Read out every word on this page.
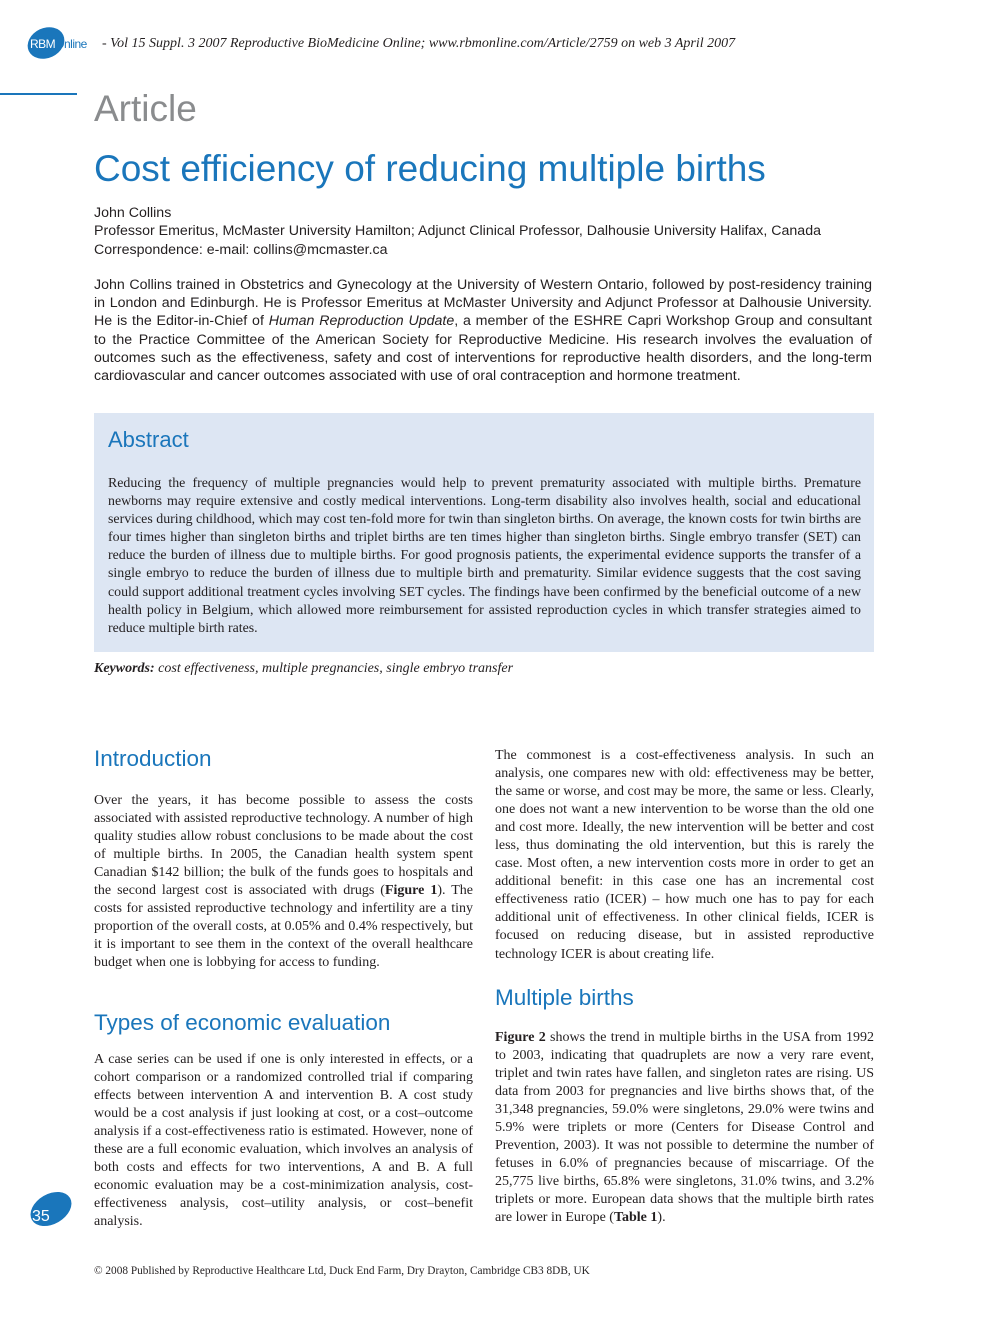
RBMOnline - Vol 15 Suppl. 3 2007 Reproductive BioMedicine Online; www.rbmonline.com/Article/2759 on web 3 April 2007
Article
Cost efficiency of reducing multiple births
John Collins
Professor Emeritus, McMaster University Hamilton; Adjunct Clinical Professor, Dalhousie University Halifax, Canada
Correspondence: e-mail: collins@mcmaster.ca
John Collins trained in Obstetrics and Gynecology at the University of Western Ontario, followed by post-residency training in London and Edinburgh. He is Professor Emeritus at McMaster University and Adjunct Professor at Dalhousie University. He is the Editor-in-Chief of Human Reproduction Update, a member of the ESHRE Capri Workshop Group and consultant to the Practice Committee of the American Society for Reproductive Medicine. His research involves the evaluation of outcomes such as the effectiveness, safety and cost of interventions for reproductive health disorders, and the long-term cardiovascular and cancer outcomes associated with use of oral contraception and hormone treatment.
Abstract
Reducing the frequency of multiple pregnancies would help to prevent prematurity associated with multiple births. Premature newborns may require extensive and costly medical interventions. Long-term disability also involves health, social and educational services during childhood, which may cost ten-fold more for twin than singleton births. On average, the known costs for twin births are four times higher than singleton births and triplet births are ten times higher than singleton births. Single embryo transfer (SET) can reduce the burden of illness due to multiple births. For good prognosis patients, the experimental evidence supports the transfer of a single embryo to reduce the burden of illness due to multiple birth and prematurity. Similar evidence suggests that the cost saving could support additional treatment cycles involving SET cycles. The findings have been confirmed by the beneficial outcome of a new health policy in Belgium, which allowed more reimbursement for assisted reproduction cycles in which transfer strategies aimed to reduce multiple birth rates.
Keywords: cost effectiveness, multiple pregnancies, single embryo transfer
Introduction
Over the years, it has become possible to assess the costs associated with assisted reproductive technology. A number of high quality studies allow robust conclusions to be made about the cost of multiple births. In 2005, the Canadian health system spent Canadian $142 billion; the bulk of the funds goes to hospitals and the second largest cost is associated with drugs (Figure 1). The costs for assisted reproductive technology and infertility are a tiny proportion of the overall costs, at 0.05% and 0.4% respectively, but it is important to see them in the context of the overall healthcare budget when one is lobbying for access to funding.
Types of economic evaluation
A case series can be used if one is only interested in effects, or a cohort comparison or a randomized controlled trial if comparing effects between intervention A and intervention B. A cost study would be a cost analysis if just looking at cost, or a cost–outcome analysis if a cost-effectiveness ratio is estimated. However, none of these are a full economic evaluation, which involves an analysis of both costs and effects for two interventions, A and B. A full economic evaluation may be a cost-minimization analysis, cost-effectiveness analysis, cost–utility analysis, or cost–benefit analysis.
The commonest is a cost-effectiveness analysis. In such an analysis, one compares new with old: effectiveness may be better, the same or worse, and cost may be more, the same or less. Clearly, one does not want a new intervention to be worse than the old one and cost more. Ideally, the new intervention will be better and cost less, thus dominating the old intervention, but this is rarely the case. Most often, a new intervention costs more in order to get an additional benefit: in this case one has an incremental cost effectiveness ratio (ICER) – how much one has to pay for each additional unit of effectiveness. In other clinical fields, ICER is focused on reducing disease, but in assisted reproductive technology ICER is about creating life.
Multiple births
Figure 2 shows the trend in multiple births in the USA from 1992 to 2003, indicating that quadruplets are now a very rare event, triplet and twin rates have fallen, and singleton rates are rising. US data from 2003 for pregnancies and live births shows that, of the 31,348 pregnancies, 59.0% were singletons, 29.0% were twins and 5.9% were triplets or more (Centers for Disease Control and Prevention, 2003). It was not possible to determine the number of fetuses in 6.0% of pregnancies because of miscarriage. Of the 25,775 live births, 65.8% were singletons, 31.0% twins, and 3.2% triplets or more. European data shows that the multiple birth rates are lower in Europe (Table 1).
35
© 2008 Published by Reproductive Healthcare Ltd, Duck End Farm, Dry Drayton, Cambridge CB3 8DB, UK
